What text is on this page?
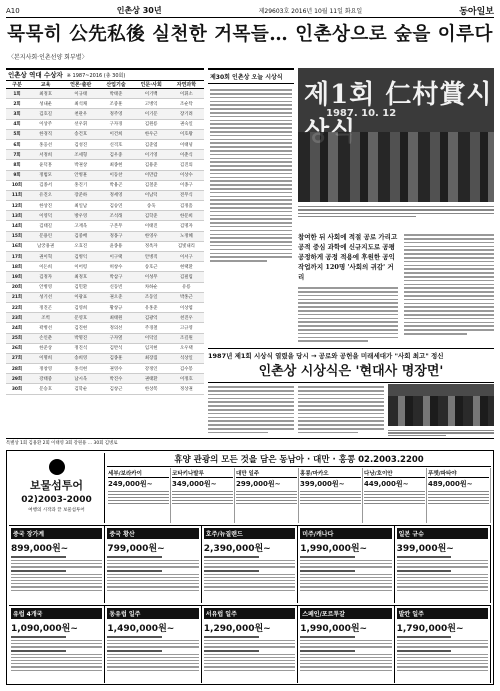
A10	인촌상 30년	제29603호 2016년 10월 11일 화요일	동아일보
묵묵히 公先私後 실천한 거목들… 인촌상으로 숲을 이루다
〈본지사회·인촌선양 회부별〉
인촌상 역대 수상자 ※ 1987~2016 (총 30회)
구분	교육	언론·출판	산업기술	인문·사회	자연과학
1회	최정호	이규태	박태준	이기백	이휘소
2회	성내운	최석채	조중훈	고병익	조순탁
3회	김호길	천관우	정주영	이기문	장기려
4회	이상주	선우휘	구자경	김원룡	권숙일
5회	한경직	송건호	이건희	한우근	이호왕
6회	홍웅선	김성진	신격호	김준엽	이태녕
7회	서정희	조세형	김우중	이기영	이춘식
8회	윤덕홍	박권상	최종현	김용준	김진의
9회	정범모	안병훈	이동찬	이만갑	이상수
10회	김종서	홍진기	박용곤	김철준	이종구
11회	유진오	장준하	정세영	이남덕	전무식
12회	한상진	최일남	김승연	송욱	김정흠
13회	이영덕	방우영	조석래	김학준	한문희
14회	김태길	고재욱	구본무	이태진	김명자
15회	문용린	김중배	정몽구	한영우	노정혜
16회	남궁용권	오효진	윤종용	정옥자	김빛내리
17회	권이혁	김병익	이구택	안병직	이서구
18회	이돈희	이어령	허창수	송호근	현택환
19회	김정자	최정호	박삼구	이성무	김필립
20회	안병영	김민환	신동빈	차하순	유룡
21회	성기선	이광표	권오준	조동일	박홍근
22회	정진곤	김영희	황창규	유홍준	이상엽
23회	조벽	문영호	최태원	김광억	천진우
24회	곽병선	김진현	정의선	주경철	고규영
25회	손인춘	박명진	구자열	이덕일	조길원
26회	한준상	정진석	김반석	임지현	오우택
27회	이명희	송희영	김종훈	최장집	석상일
28회	정창영	홍석현	권영수	강정인	김수봉
29회	강태중	남시욱	박진수	권태환	이정호
30회	문승호	김학순	김창근	한상복	정상권
제30회 인촌상 오늘 시상식
제1회 仁村賞시
1987. 10. 12
참여한 뒤 사회에 적절 공로 가리고 공적 중심 과학에 신규지도로 공평 공정하게 공정 적용에 후원한 공익 작업까지 120명 '사회의 귀감' 거리
1987년 제1회 시상식 열렸을 당시 → 공로와 공헌을 미래세대가 "사회 최고" 정신
인촌상 시상식은 '현대사 명장면'
특별상 1회 김용환 2회 이태영 3회 강원용 … 30회 김병로
보물섬투어
02)2003-2000
여행의 시작과 끝 보물섬투어
휴양 관광의 모든 것을 담은 동남아 · 대만 · 홍콩 02.2003.2200
세부/보라카이
249,000원~
코타키나발루
349,000원~
대만 일주
299,000원~
홍콩/마카오
399,000원~
다낭/호이안
449,000원~
푸껫/파타야
489,000원~
중국 장가계
899,000원~
중국 황산
799,000원~
호주/뉴질랜드
2,390,000원~
미주/캐나다
1,990,000원~
일본 규슈
399,000원~
유럽 4개국
1,090,000원~
동유럽 일주
1,490,000원~
서유럽 일주
1,290,000원~
스페인/포르투갈
1,990,000원~
발칸 일주
1,790,000원~
